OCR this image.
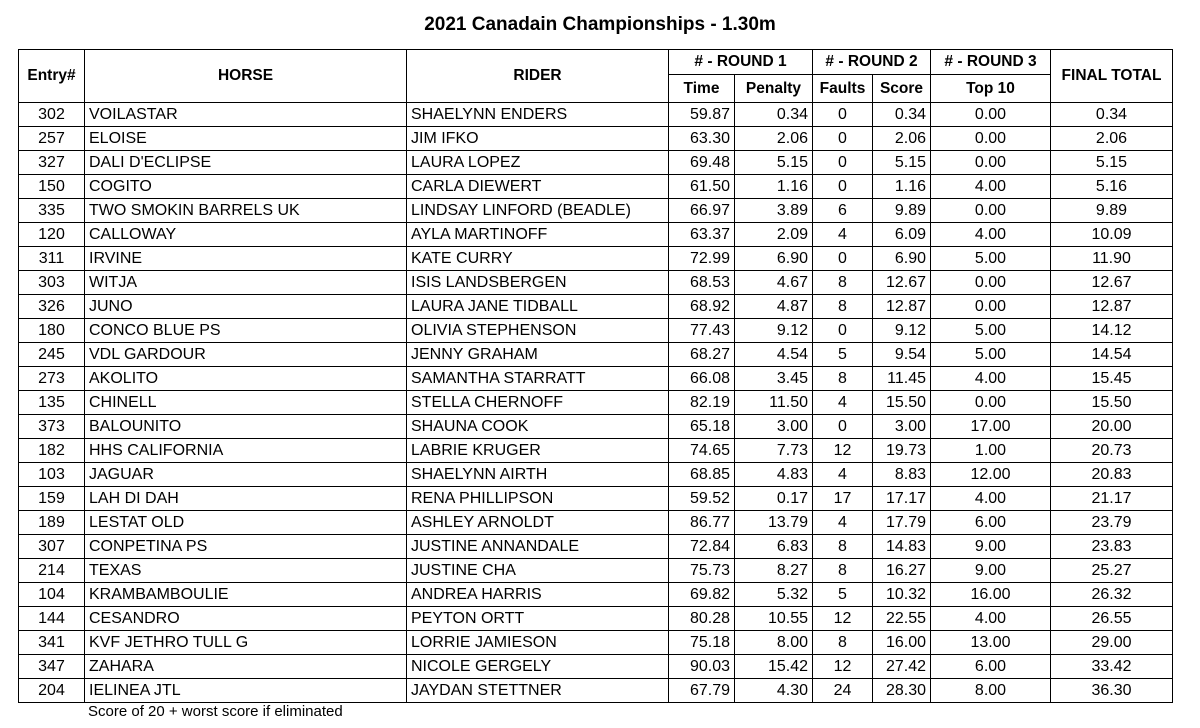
2021 Canadain Championships - 1.30m
Entry#	HORSE	RIDER	# - ROUND 1		# - ROUND 2		# - ROUND 3	FINAL TOTAL
			Time	Penalty	Faults	Score	Top 10	
302	VOILASTAR	SHAELYNN ENDERS	59.87	0.34	0	0.34	0.00	0.34
257	ELOISE	JIM IFKO	63.30	2.06	0	2.06	0.00	2.06
327	DALI D'ECLIPSE	LAURA LOPEZ	69.48	5.15	0	5.15	0.00	5.15
150	COGITO	CARLA DIEWERT	61.50	1.16	0	1.16	4.00	5.16
335	TWO SMOKIN BARRELS UK	LINDSAY LINFORD (BEADLE)	66.97	3.89	6	9.89	0.00	9.89
120	CALLOWAY	AYLA MARTINOFF	63.37	2.09	4	6.09	4.00	10.09
311	IRVINE	KATE CURRY	72.99	6.90	0	6.90	5.00	11.90
303	WITJA	ISIS LANDSBERGEN	68.53	4.67	8	12.67	0.00	12.67
326	JUNO	LAURA JANE TIDBALL	68.92	4.87	8	12.87	0.00	12.87
180	CONCO BLUE PS	OLIVIA STEPHENSON	77.43	9.12	0	9.12	5.00	14.12
245	VDL GARDOUR	JENNY GRAHAM	68.27	4.54	5	9.54	5.00	14.54
273	AKOLITO	SAMANTHA STARRATT	66.08	3.45	8	11.45	4.00	15.45
135	CHINELL	STELLA CHERNOFF	82.19	11.50	4	15.50	0.00	15.50
373	BALOUNITO	SHAUNA COOK	65.18	3.00	0	3.00	17.00	20.00
182	HHS CALIFORNIA	LABRIE KRUGER	74.65	7.73	12	19.73	1.00	20.73
103	JAGUAR	SHAELYNN AIRTH	68.85	4.83	4	8.83	12.00	20.83
159	LAH DI DAH	RENA PHILLIPSON	59.52	0.17	17	17.17	4.00	21.17
189	LESTAT OLD	ASHLEY ARNOLDT	86.77	13.79	4	17.79	6.00	23.79
307	CONPETINA PS	JUSTINE ANNANDALE	72.84	6.83	8	14.83	9.00	23.83
214	TEXAS	JUSTINE CHA	75.73	8.27	8	16.27	9.00	25.27
104	KRAMBAMBOULIE	ANDREA HARRIS	69.82	5.32	5	10.32	16.00	26.32
144	CESANDRO	PEYTON ORTT	80.28	10.55	12	22.55	4.00	26.55
341	KVF JETHRO TULL G	LORRIE JAMIESON	75.18	8.00	8	16.00	13.00	29.00
347	ZAHARA	NICOLE GERGELY	90.03	15.42	12	27.42	6.00	33.42
204	IELINEA JTL	JAYDAN STETTNER	67.79	4.30	24	28.30	8.00	36.30
Score of 20 + worst score if eliminated
